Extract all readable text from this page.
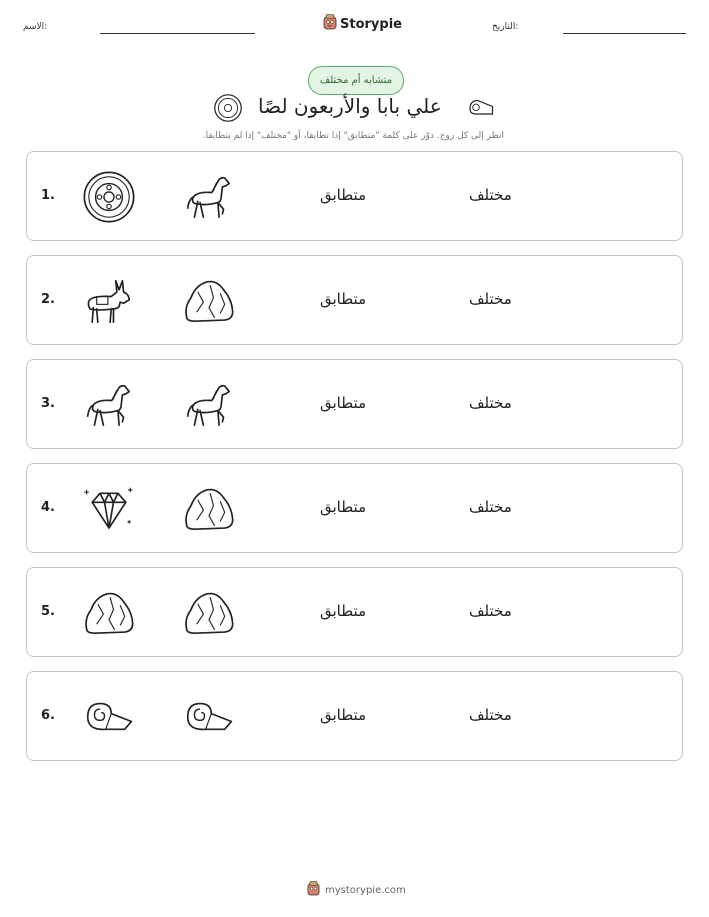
الاسم:	Storypie	التاريخ:
متشابه أم مختلف
علي بابا والأربعون لصًا
انظر إلى كل زوج. دوّر على كلمة "متطابق" إذا تطابقا، أو "مختلف" إذا لم يتطابقا.
1.	متطابق	مختلف
2.	متطابق	مختلف
3.	متطابق	مختلف
4.	متطابق	مختلف
5.	متطابق	مختلف
6.	متطابق	مختلف
mystorypie.com
